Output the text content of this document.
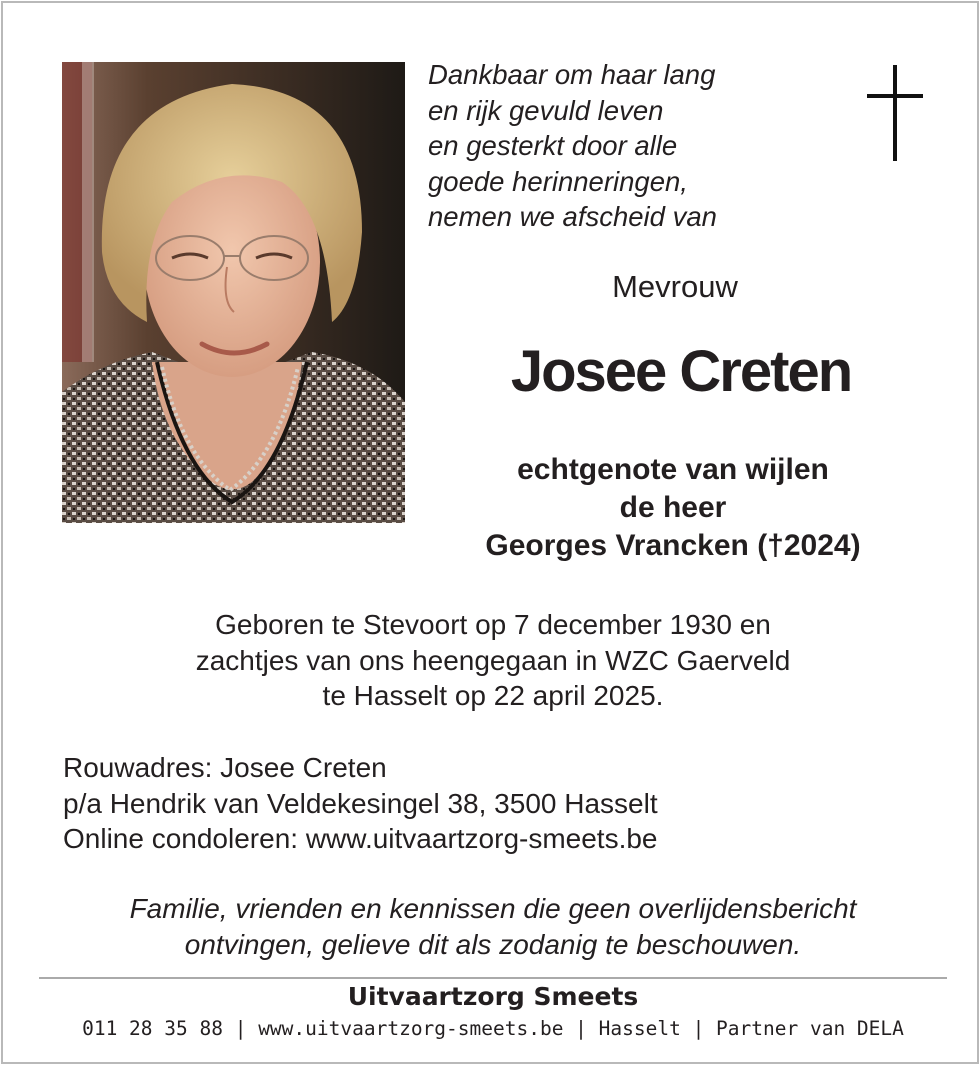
Dankbaar om haar lang
en rijk gevuld leven
en gesterkt door alle
goede herinneringen,
nemen we afscheid van
Mevrouw
Josee Creten
echtgenote van wijlen
de heer
Georges Vrancken (†2024)
Geboren te Stevoort op 7 december 1930 en
zachtjes van ons heengegaan in WZC Gaerveld
te Hasselt op 22 april 2025.
Rouwadres: Josee Creten
p/a Hendrik van Veldekesingel 38, 3500 Hasselt
Online condoleren: www.uitvaartzorg-smeets.be
Familie, vrienden en kennissen die geen overlijdensbericht
ontvingen, gelieve dit als zodanig te beschouwen.
Uitvaartzorg Smeets
011 28 35 88 | www.uitvaartzorg-smeets.be | Hasselt | Partner van DELA
